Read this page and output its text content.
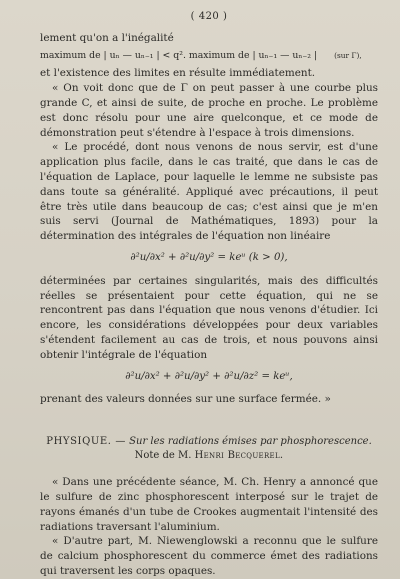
( 420 )

lement qu'on a l'inégalité

maximum de | uₙ — uₙ₋₁ | < q². maximum de | uₙ₋₁ — uₙ₋₂ | (sur Γ),

et l'existence des limites en résulte immédiatement.

« On voit donc que de Γ on peut passer à une courbe plus grande C, et ainsi de suite, de proche en proche. Le problème est donc résolu pour une aire quelconque, et ce mode de démonstration peut s'étendre à l'espace à trois dimensions.

« Le procédé, dont nous venons de nous servir, est d'une application plus facile, dans le cas traité, que dans le cas de l'équation de Laplace, pour laquelle le lemme ne subsiste pas dans toute sa généralité. Appliqué avec précautions, il peut être très utile dans beaucoup de cas; c'est ainsi que je m'en suis servi (Journal de Mathématiques, 1893) pour la détermination des intégrales de l'équation non linéaire

∂²u/∂x² + ∂²u/∂y² = keᵘ (k > 0),

déterminées par certaines singularités, mais des difficultés réelles se présentaient pour cette équation, qui ne se rencontrent pas dans l'équation que nous venons d'étudier. Ici encore, les considérations développées pour deux variables s'étendent facilement au cas de trois, et nous pouvons ainsi obtenir l'intégrale de l'équation

∂²u/∂x² + ∂²u/∂y² + ∂²u/∂z² = keᵘ,

prenant des valeurs données sur une surface fermée. »

PHYSIQUE. — Sur les radiations émises par phosphorescence.
Note de M. Henri Becquerel.

« Dans une précédente séance, M. Ch. Henry a annoncé que le sulfure de zinc phosphorescent interposé sur le trajet de rayons émanés d'un tube de Crookes augmentait l'intensité des radiations traversant l'aluminium.

« D'autre part, M. Niewenglowski a reconnu que le sulfure de calcium phosphorescent du commerce émet des radiations qui traversent les corps opaques.
